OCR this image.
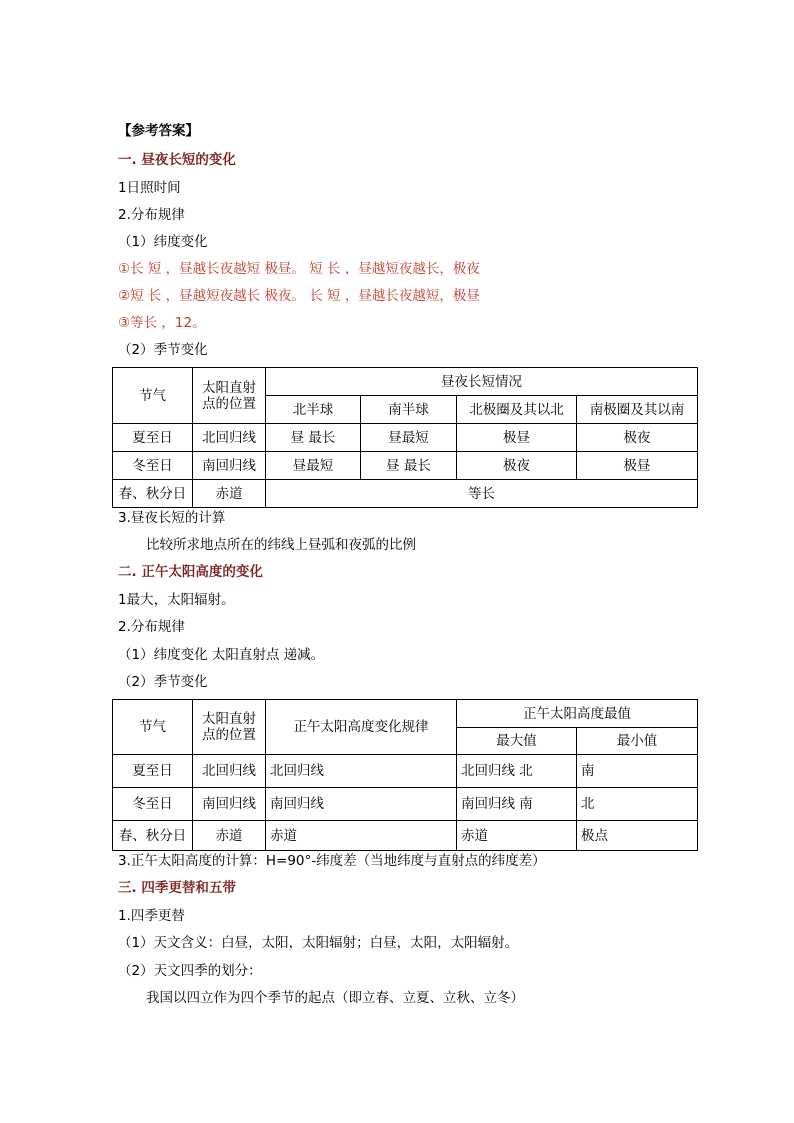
【参考答案】
一. 昼夜长短的变化
1日照时间
2.分布规律
（1）纬度变化
①长 短 ，昼越长夜越短 极昼。 短 长 ，昼越短夜越长，极夜
②短 长 ，昼越短夜越长 极夜。 长 短 ，昼越长夜越短，极昼
③等长 ，12。
（2）季节变化
节气	太阳直射
点的位置	昼夜长短情况			
		北半球	南半球	北极圈及其以北	南极圈及其以南
夏至日	北回归线	昼 最长	昼最短	极昼	极夜
冬至日	南回归线	昼最短	昼 最长	极夜	极昼
春、秋分日	赤道	等长			
3.昼夜长短的计算
比较所求地点所在的纬线上昼弧和夜弧的比例
二. 正午太阳高度的变化
1最大，太阳辐射。
2.分布规律
（1）纬度变化 太阳直射点 递减。
（2）季节变化
节气	太阳直射
点的位置	正午太阳高度变化规律	正午太阳高度最值	
			最大值	最小值
夏至日	北回归线	北回归线	北回归线 北	南
冬至日	南回归线	南回归线	南回归线 南	北
春、秋分日	赤道	赤道	赤道	极点
3.正午太阳高度的计算：H=90°-纬度差（当地纬度与直射点的纬度差）
三. 四季更替和五带
1.四季更替
（1）天文含义：白昼，太阳，太阳辐射；白昼，太阳，太阳辐射。
（2）天文四季的划分：
我国以四立作为四个季节的起点（即立春、立夏、立秋、立冬）
